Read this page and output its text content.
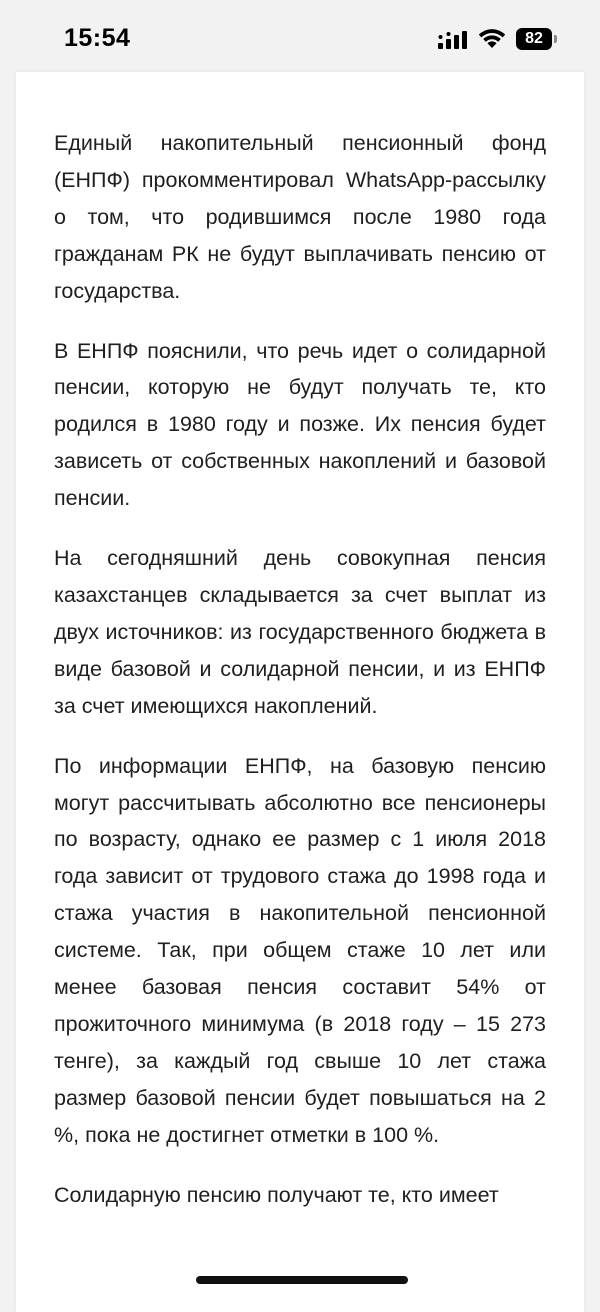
15:54	82

Единый накопительный пенсионный фонд (ЕНПФ) прокомментировал WhatsApp-рассылку о том, что родившимся после 1980 года гражданам РК не будут выплачивать пенсию от государства.

В ЕНПФ пояснили, что речь идет о солидарной пенсии, которую не будут получать те, кто родился в 1980 году и позже. Их пенсия будет зависеть от собственных накоплений и базовой пенсии.

На сегодняшний день совокупная пенсия казахстанцев складывается за счет выплат из двух источников: из государственного бюджета в виде базовой и солидарной пенсии, и из ЕНПФ за счет имеющихся накоплений.

По информации ЕНПФ, на базовую пенсию могут рассчитывать абсолютно все пенсионеры по возрасту, однако ее размер с 1 июля 2018 года зависит от трудового стажа до 1998 года и стажа участия в накопительной пенсионной системе. Так, при общем стаже 10 лет или менее базовая пенсия составит 54% от прожиточного минимума (в 2018 году – 15 273 тенге), за каждый год свыше 10 лет стажа размер базовой пенсии будет повышаться на 2 %, пока не достигнет отметки в 100 %.

Солидарную пенсию получают те, кто имеет
